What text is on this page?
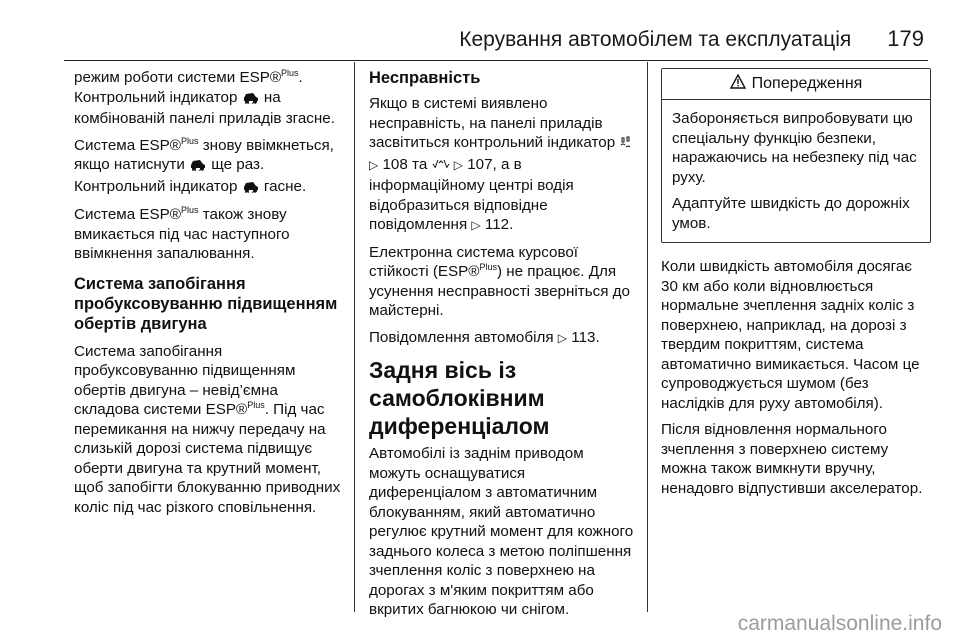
Керування автомобілем та експлуатація 179

режим роботи системи ESP®$^{Plus}$. Контрольний індикатор на комбінованій панелі приладів згасне.

Система ESP®$^{Plus}$ знову ввімкнеться, якщо натиснути ще раз. Контрольний індикатор гасне.

Система ESP®$^{Plus}$ також знову вмикається під час наступного ввімкнення запалювання.

Система запобігання пробуксовуванню підвищенням обертів двигуна

Система запобігання пробуксовуванню підвищенням обертів двигуна – невід’ємна складова системи ESP®$^{Plus}$. Під час перемикання на нижчу передачу на слизькій дорозі система підвищує оберти двигуна та крутний момент, щоб запобігти блокуванню приводних коліс під час різкого сповільнення.

Несправність

Якщо в системі виявлено несправність, на панелі приладів засвітиться контрольний індикатор  ▷ 108 та ▷ 107, а в інформаційному центрі водія відобразиться відповідне повідомлення ▷ 112.

Електронна система курсової стійкості (ESP®$^{Plus}$) не працює. Для усунення несправності зверніться до майстерні.

Повідомлення автомобіля ▷ 113.

Задня вісь із самоблоківним диференціалом

Автомобілі із заднім приводом можуть оснащуватися диференціалом з автоматичним блокуванням, який автоматично регулює крутний момент для кожного заднього колеса з метою поліпшення зчеплення коліс з поверхнею на дорогах з м'яким покриттям або вкритих багнюкою чи снігом.

Попередження

Забороняється випробовувати цю спеціальну функцію безпеки, наражаючись на небезпеку під час руху.

Адаптуйте швидкість до дорожніх умов.

Коли швидкість автомобіля досягає 30 км або коли відновлюється нормальне зчеплення задніх коліс з поверхнею, наприклад, на дорозі з твердим покриттям, система автоматично вимикається. Часом це супроводжується шумом (без наслідків для руху автомобіля).

Після відновлення нормального зчеплення з поверхнею систему можна також вимкнути вручну, ненадовго відпустивши акселератор.

carmanualsonline.info
